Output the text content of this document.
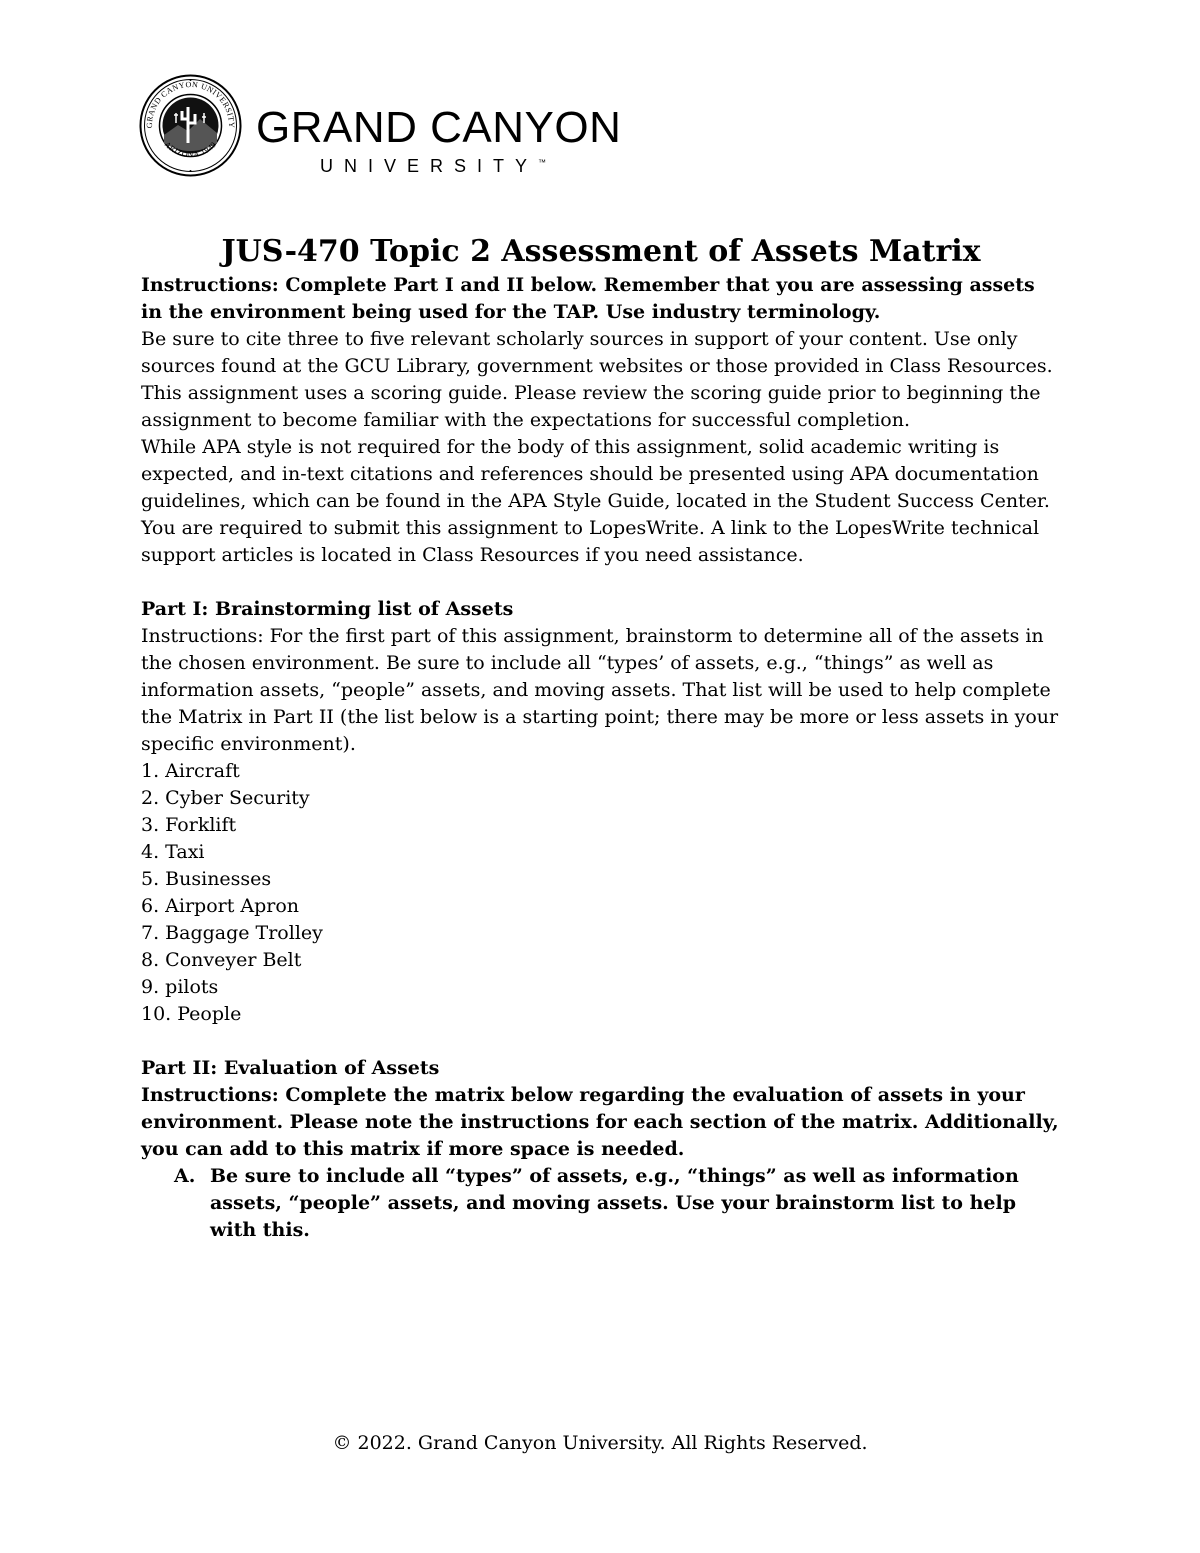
GRAND CANYON UNIVERSITY
ARIZONA 1949 GRAND CANYON
UNIVERSITY™
JUS-470 Topic 2 Assessment of Assets Matrix

Instructions: Complete Part I and II below. Remember that you are assessing assets in the environment being used for the TAP. Use industry terminology.

Be sure to cite three to five relevant scholarly sources in support of your content. Use only sources found at the GCU Library, government websites or those provided in Class Resources.

This assignment uses a scoring guide. Please review the scoring guide prior to beginning the assignment to become familiar with the expectations for successful completion.

While APA style is not required for the body of this assignment, solid academic writing is expected, and in-text citations and references should be presented using APA documentation guidelines, which can be found in the APA Style Guide, located in the Student Success Center.

You are required to submit this assignment to LopesWrite. A link to the LopesWrite technical support articles is located in Class Resources if you need assistance.

Part I: Brainstorming list of Assets

Instructions: For the first part of this assignment, brainstorm to determine all of the assets in the chosen environment. Be sure to include all “types’ of assets, e.g., “things” as well as information assets, “people” assets, and moving assets. That list will be used to help complete the Matrix in Part II (the list below is a starting point; there may be more or less assets in your specific environment).

1. Aircraft
2. Cyber Security
3. Forklift
4. Taxi
5. Businesses
6. Airport Apron
7. Baggage Trolley
8. Conveyer Belt
9. pilots
10. People

Part II: Evaluation of Assets

Instructions: Complete the matrix below regarding the evaluation of assets in your environment. Please note the instructions for each section of the matrix. Additionally, you can add to this matrix if more space is needed.

A. Be sure to include all “types” of assets, e.g., “things” as well as information assets, “people” assets, and moving assets. Use your brainstorm list to help with this.
© 2022. Grand Canyon University. All Rights Reserved.
